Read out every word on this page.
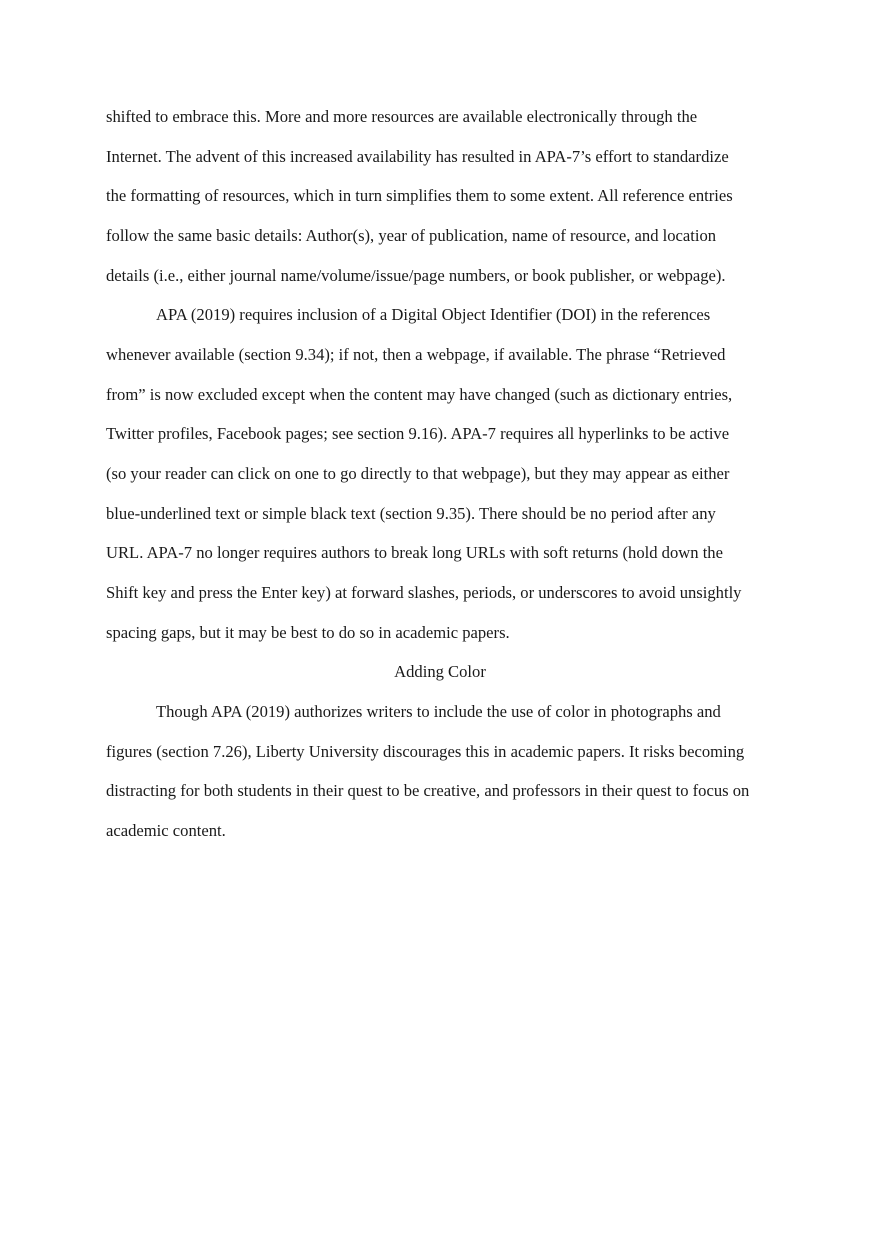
shifted to embrace this. More and more resources are available electronically through the
Internet. The advent of this increased availability has resulted in APA-7’s effort to standardize
the formatting of resources, which in turn simplifies them to some extent. All reference entries
follow the same basic details: Author(s), year of publication, name of resource, and location
details (i.e., either journal name/volume/issue/page numbers, or book publisher, or webpage).
APA (2019) requires inclusion of a Digital Object Identifier (DOI) in the references
whenever available (section 9.34); if not, then a webpage, if available. The phrase “Retrieved
from” is now excluded except when the content may have changed (such as dictionary entries,
Twitter profiles, Facebook pages; see section 9.16). APA-7 requires all hyperlinks to be active
(so your reader can click on one to go directly to that webpage), but they may appear as either
blue-underlined text or simple black text (section 9.35). There should be no period after any
URL. APA-7 no longer requires authors to break long URLs with soft returns (hold down the
Shift key and press the Enter key) at forward slashes, periods, or underscores to avoid unsightly
spacing gaps, but it may be best to do so in academic papers.
Adding Color
Though APA (2019) authorizes writers to include the use of color in photographs and
figures (section 7.26), Liberty University discourages this in academic papers. It risks becoming
distracting for both students in their quest to be creative, and professors in their quest to focus on
academic content.
